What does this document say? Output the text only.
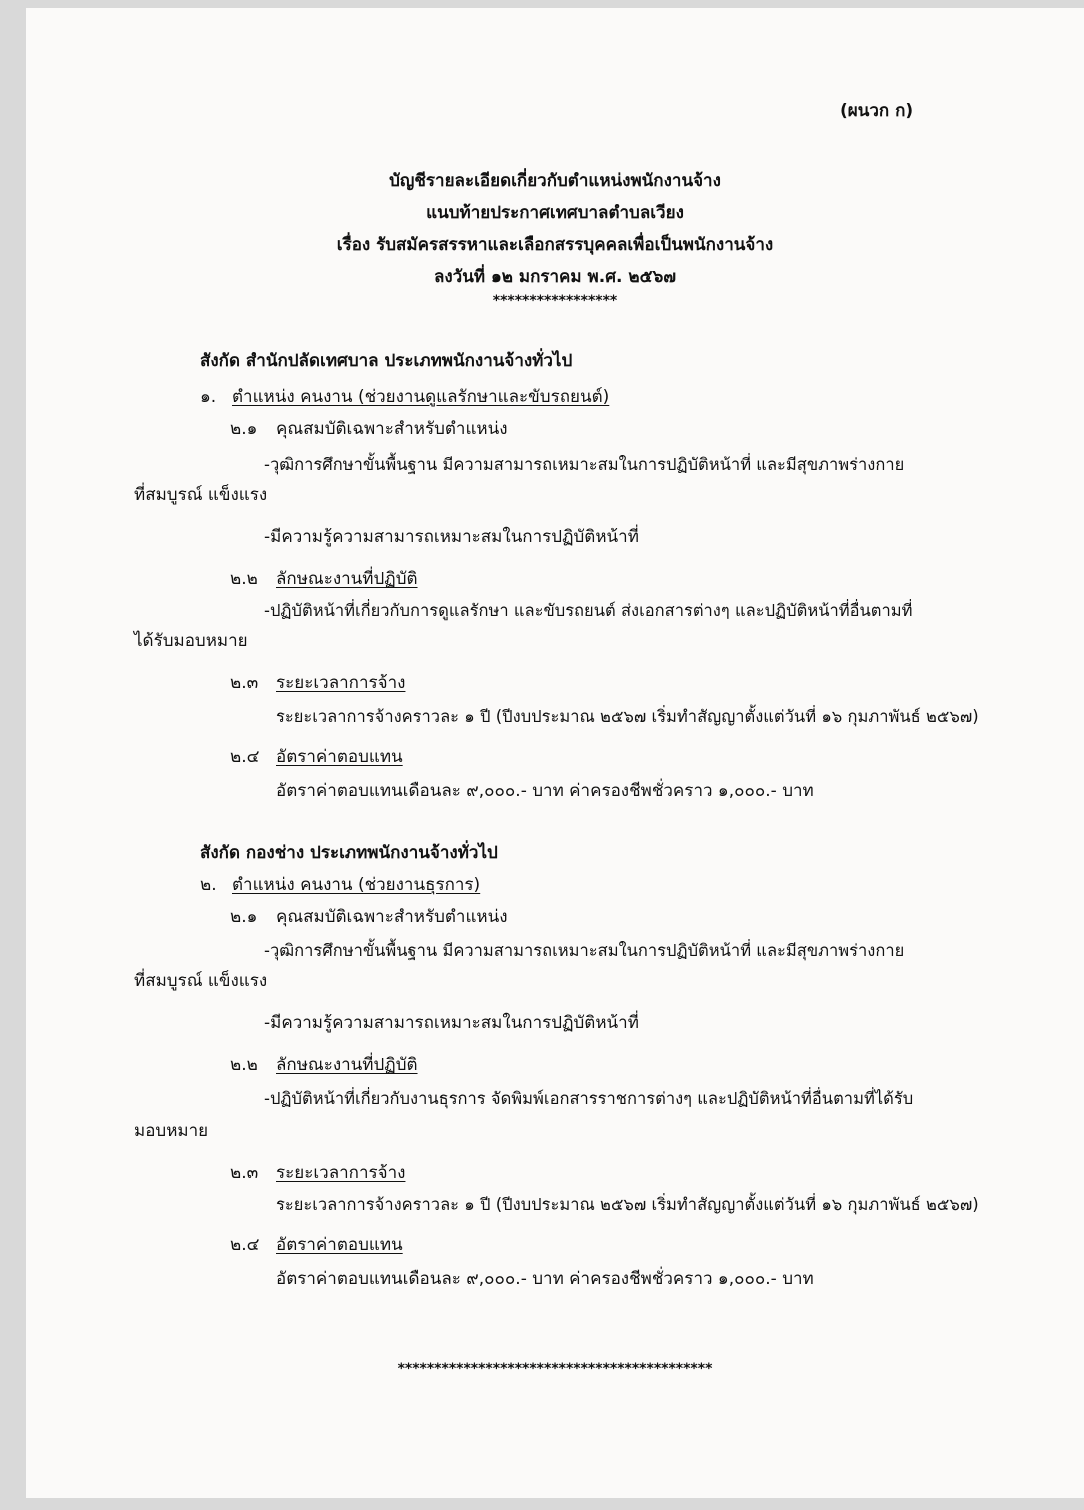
(ผนวก ก)
บัญชีรายละเอียดเกี่ยวกับตำแหน่งพนักงานจ้าง
แนบท้ายประกาศเทศบาลตำบลเวียง
เรื่อง รับสมัครสรรหาและเลือกสรรบุคคลเพื่อเป็นพนักงานจ้าง
ลงวันที่ ๑๒ มกราคม พ.ศ. ๒๕๖๗
*****************
สังกัด สำนักปลัดเทศบาล ประเภทพนักงานจ้างทั่วไป
๑. ตำแหน่ง คนงาน (ช่วยงานดูแลรักษาและขับรถยนต์)
๒.๑ คุณสมบัติเฉพาะสำหรับตำแหน่ง
-วุฒิการศึกษาขั้นพื้นฐาน มีความสามารถเหมาะสมในการปฏิบัติหน้าที่ และมีสุขภาพร่างกาย
ที่สมบูรณ์ แข็งแรง
-มีความรู้ความสามารถเหมาะสมในการปฏิบัติหน้าที่
๒.๒ ลักษณะงานที่ปฏิบัติ
-ปฏิบัติหน้าที่เกี่ยวกับการดูแลรักษา และขับรถยนต์ ส่งเอกสารต่างๆ และปฏิบัติหน้าที่อื่นตามที่
ได้รับมอบหมาย
๒.๓ ระยะเวลาการจ้าง
ระยะเวลาการจ้างคราวละ ๑ ปี (ปีงบประมาณ ๒๕๖๗ เริ่มทำสัญญาตั้งแต่วันที่ ๑๖ กุมภาพันธ์ ๒๕๖๗)
๒.๔ อัตราค่าตอบแทน
อัตราค่าตอบแทนเดือนละ ๙,๐๐๐.- บาท ค่าครองชีพชั่วคราว ๑,๐๐๐.- บาท
สังกัด กองช่าง ประเภทพนักงานจ้างทั่วไป
๒. ตำแหน่ง คนงาน (ช่วยงานธุรการ)
๒.๑ คุณสมบัติเฉพาะสำหรับตำแหน่ง
-วุฒิการศึกษาขั้นพื้นฐาน มีความสามารถเหมาะสมในการปฏิบัติหน้าที่ และมีสุขภาพร่างกาย
ที่สมบูรณ์ แข็งแรง
-มีความรู้ความสามารถเหมาะสมในการปฏิบัติหน้าที่
๒.๒ ลักษณะงานที่ปฏิบัติ
-ปฏิบัติหน้าที่เกี่ยวกับงานธุรการ จัดพิมพ์เอกสารราชการต่างๆ และปฏิบัติหน้าที่อื่นตามที่ได้รับ
มอบหมาย
๒.๓ ระยะเวลาการจ้าง
ระยะเวลาการจ้างคราวละ ๑ ปี (ปีงบประมาณ ๒๕๖๗ เริ่มทำสัญญาตั้งแต่วันที่ ๑๖ กุมภาพันธ์ ๒๕๖๗)
๒.๔ อัตราค่าตอบแทน
อัตราค่าตอบแทนเดือนละ ๙,๐๐๐.- บาท ค่าครองชีพชั่วคราว ๑,๐๐๐.- บาท
*******************************************
